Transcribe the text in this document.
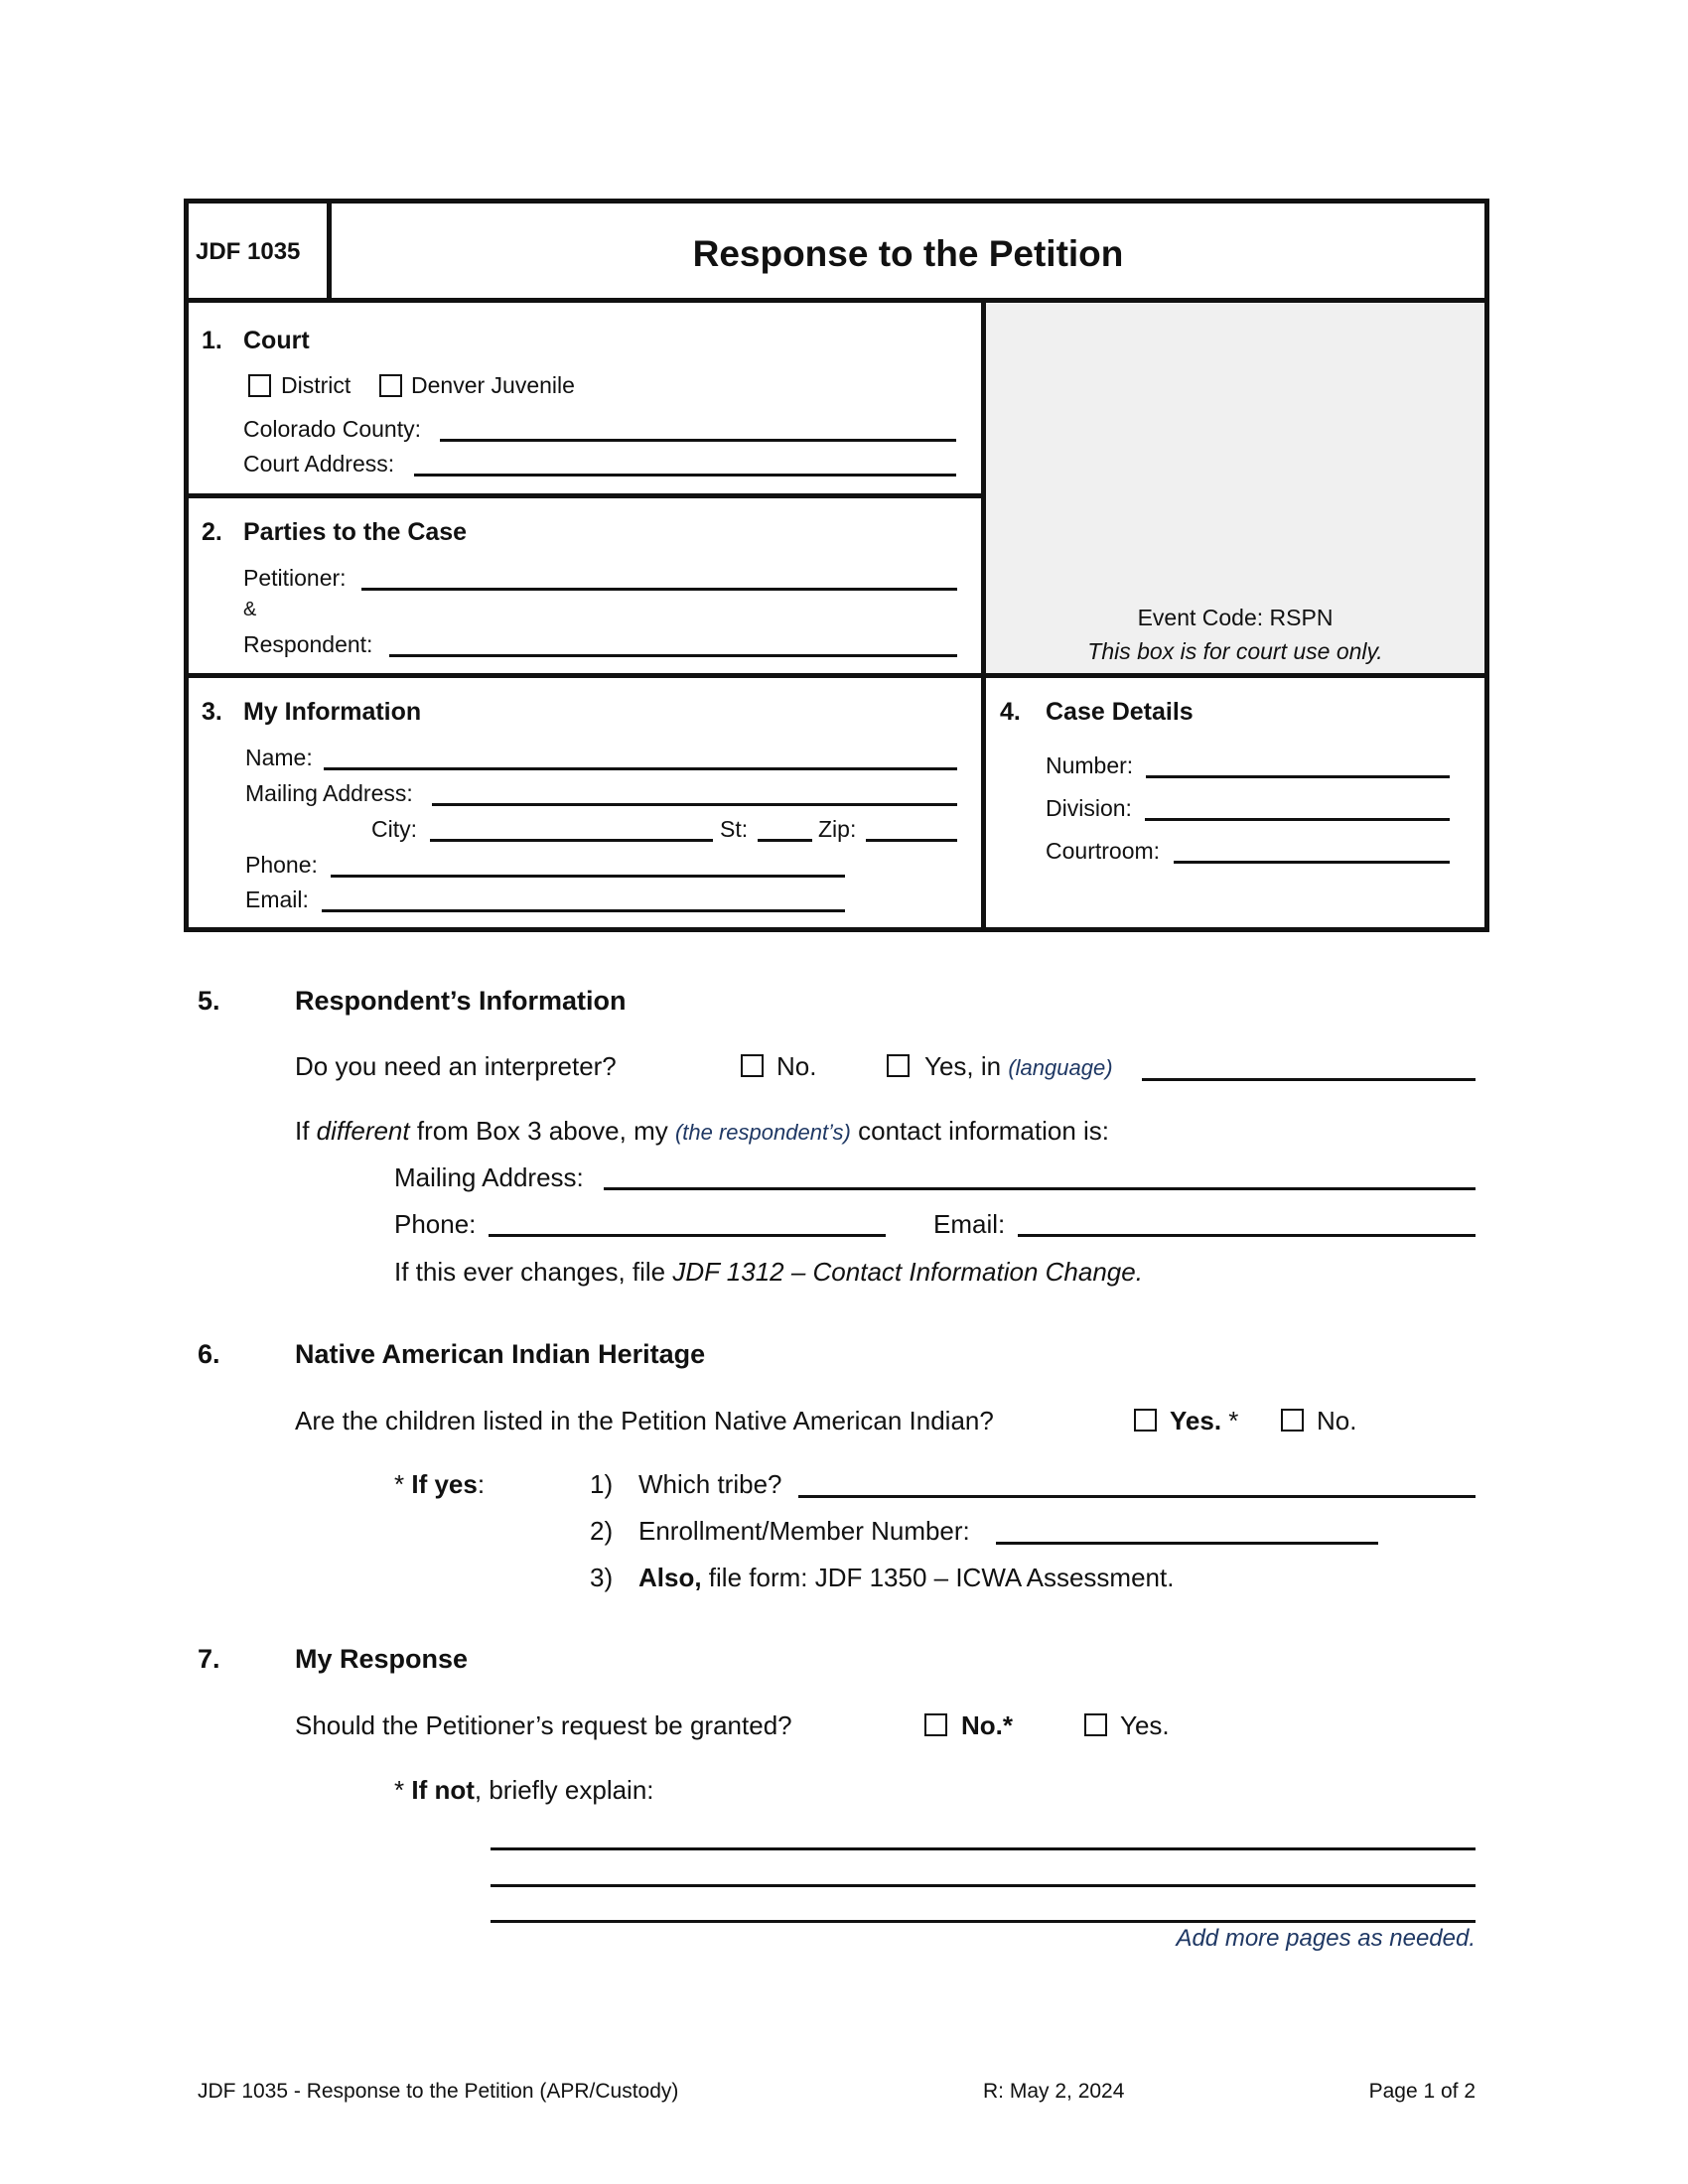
JDF 1035	Response to the Petition
1. Court
District	Denver Juvenile
Colorado County:
Court Address:
2. Parties to the Case
Petitioner:
&
Respondent:
Event Code: RSPN
This box is for court use only.
3. My Information
Name:
Mailing Address:
City:	St:	Zip:
Phone:
Email:
4. Case Details
Number:
Division:
Courtroom:
5.	Respondent’s Information
Do you need an interpreter?	No.	Yes, in (language)
If different from Box 3 above, my (the respondent’s) contact information is:
Mailing Address:
Phone:	Email:
If this ever changes, file JDF 1312 – Contact Information Change.
6.	Native American Indian Heritage
Are the children listed in the Petition Native American Indian?	Yes. *	No.
* If yes:	1) Which tribe?
2) Enrollment/Member Number:
3) Also, file form: JDF 1350 – ICWA Assessment.
7.	My Response
Should the Petitioner’s request be granted?	No.*	Yes.
* If not, briefly explain:
Add more pages as needed.
JDF 1035 - Response to the Petition (APR/Custody)	R: May 2, 2024	Page 1 of 2
